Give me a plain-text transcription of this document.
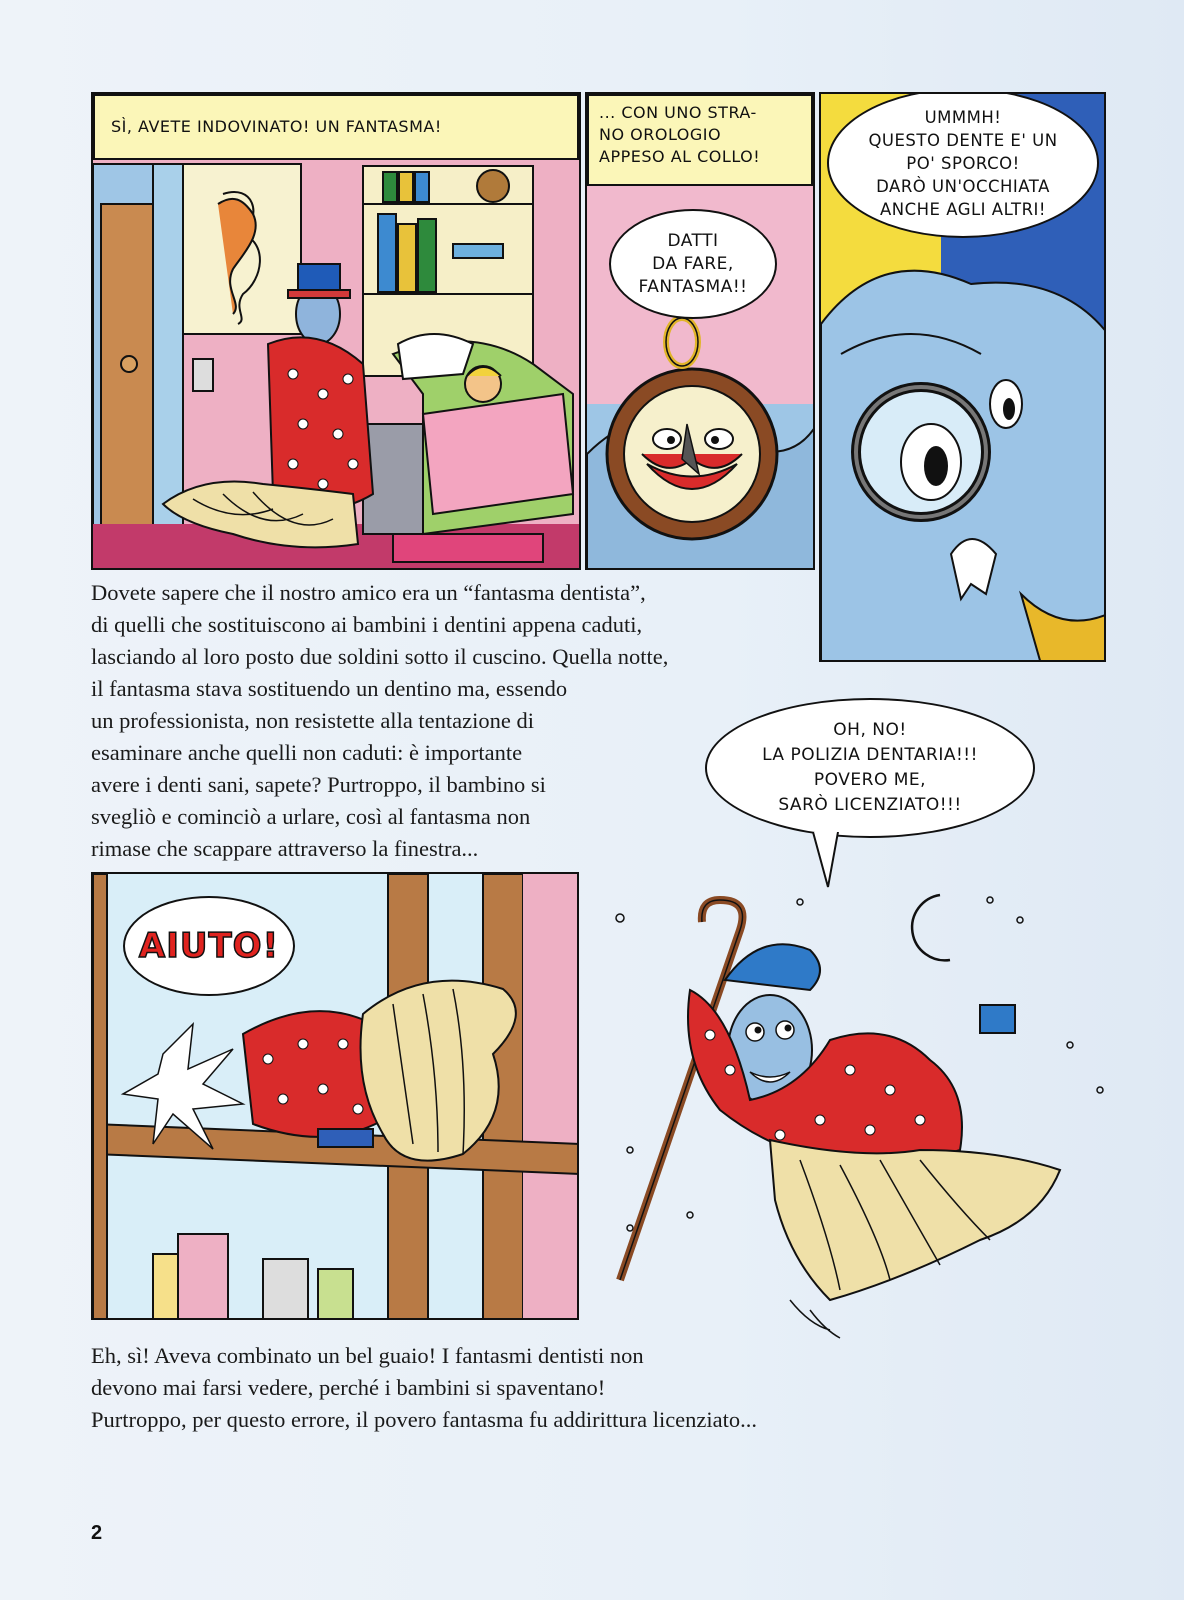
SÌ, AVETE INDOVINATO! UN FANTASMA!
... CON UNO STRA-
NO OROLOGIO
APPESO AL COLLO!
DATTI
DA FARE,
FANTASMA!!
UMMMH!
QUESTO DENTE E' UN
PO' SPORCO!
DARÒ UN'OCCHIATA
ANCHE AGLI ALTRI!
Dovete sapere che il nostro amico era un “fantasma dentista”,
di quelli che sostituiscono ai bambini i dentini appena caduti,
lasciando al loro posto due soldini sotto il cuscino. Quella notte,
il fantasma stava sostituendo un dentino ma, essendo
un professionista, non resistette alla tentazione di
esaminare anche quelli non caduti: è importante
avere i denti sani, sapete? Purtroppo, il bambino si
svegliò e cominciò a urlare, così al fantasma non
rimase che scappare attraverso la finestra...
OH, NO!
LA POLIZIA DENTARIA!!!
POVERO ME,
SARÒ LICENZIATO!!!
AIUTO!
Eh, sì! Aveva combinato un bel guaio! I fantasmi dentisti non
devono mai farsi vedere, perché i bambini si spaventano!
Purtroppo, per questo errore, il povero fantasma fu addirittura licenziato...
2
